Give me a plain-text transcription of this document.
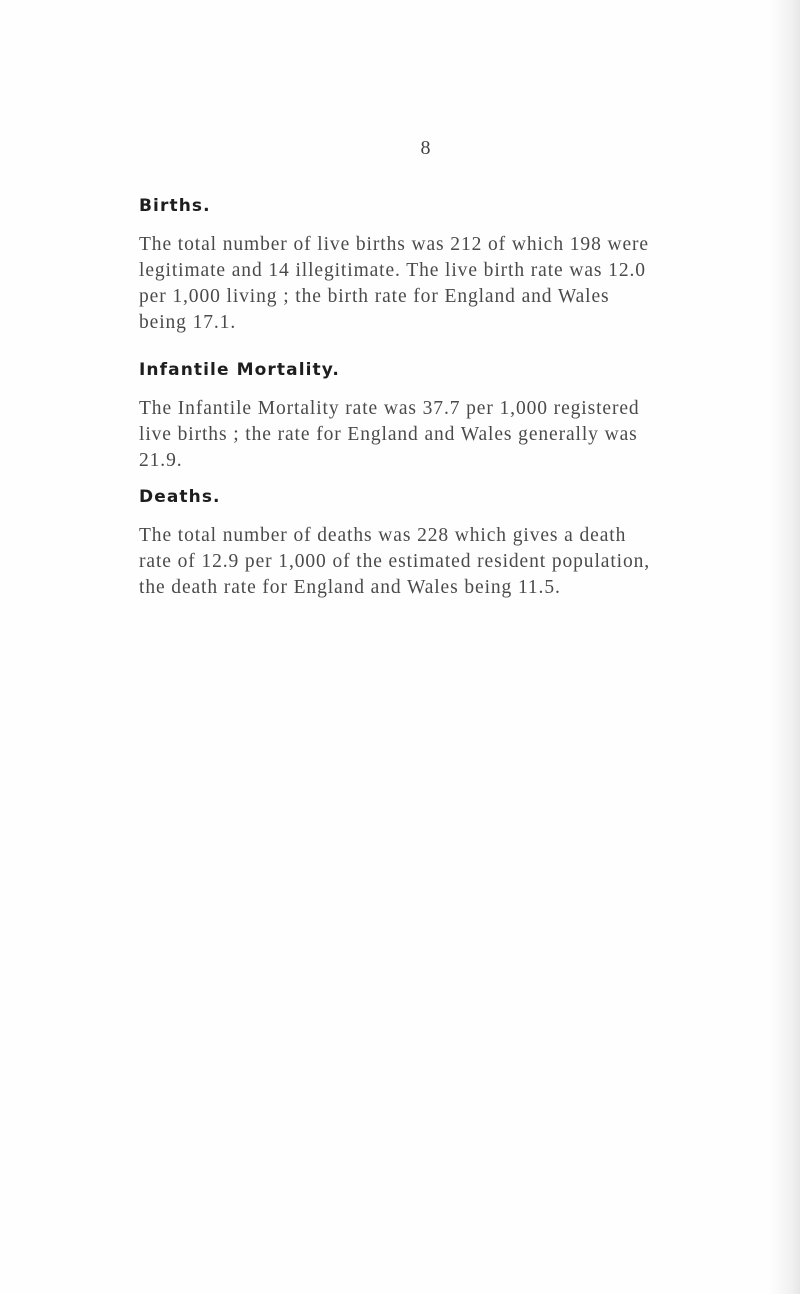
8
Births.
The total number of live births was 212 of which 198 were
legitimate and 14 illegitimate. The live birth rate was 12.0
per 1,000 living ; the birth rate for England and Wales
being 17.1.
Infantile Mortality.
The Infantile Mortality rate was 37.7 per 1,000 registered
live births ; the rate for England and Wales generally was
21.9.
Deaths.
The total number of deaths was 228 which gives a death
rate of 12.9 per 1,000 of the estimated resident population,
the death rate for England and Wales being 11.5.
